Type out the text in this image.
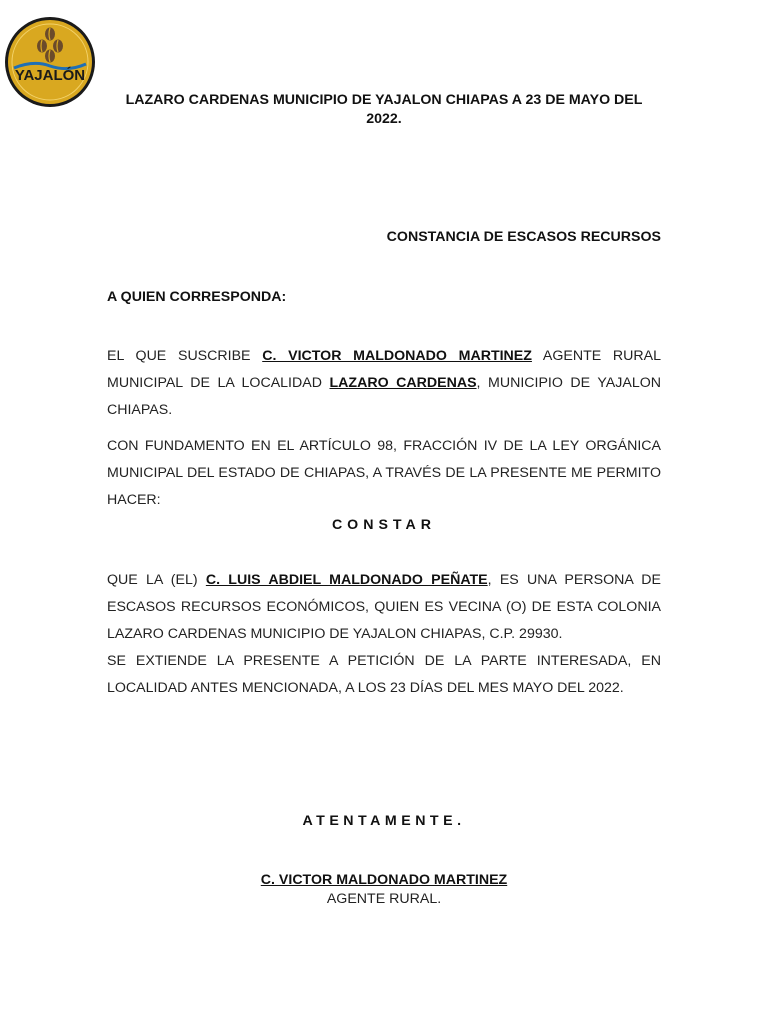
YAJALÓN
LAZARO CARDENAS MUNICIPIO DE YAJALON CHIAPAS A 23 DE MAYO DEL 2022.
CONSTANCIA DE ESCASOS RECURSOS
A QUIEN CORRESPONDA:

EL QUE SUSCRIBE C. VICTOR MALDONADO MARTINEZ AGENTE RURAL MUNICIPAL DE LA LOCALIDAD LAZARO CARDENAS, MUNICIPIO DE YAJALON CHIAPAS.

CON FUNDAMENTO EN EL ARTÍCULO 98, FRACCIÓN IV DE LA LEY ORGÁNICA MUNICIPAL DEL ESTADO DE CHIAPAS, A TRAVÉS DE LA PRESENTE ME PERMITO HACER:

CONSTAR

QUE LA (EL) C. LUIS ABDIEL MALDONADO PEÑATE, ES UNA PERSONA DE ESCASOS RECURSOS ECONÓMICOS, QUIEN ES VECINA (O) DE ESTA COLONIA LAZARO CARDENAS MUNICIPIO DE YAJALON CHIAPAS, C.P. 29930.

SE EXTIENDE LA PRESENTE A PETICIÓN DE LA PARTE INTERESADA, EN LOCALIDAD ANTES MENCIONADA, A LOS 23 DÍAS DEL MES MAYO DEL 2022.

ATENTAMENTE.
C. VICTOR MALDONADO MARTINEZ
AGENTE RURAL.
